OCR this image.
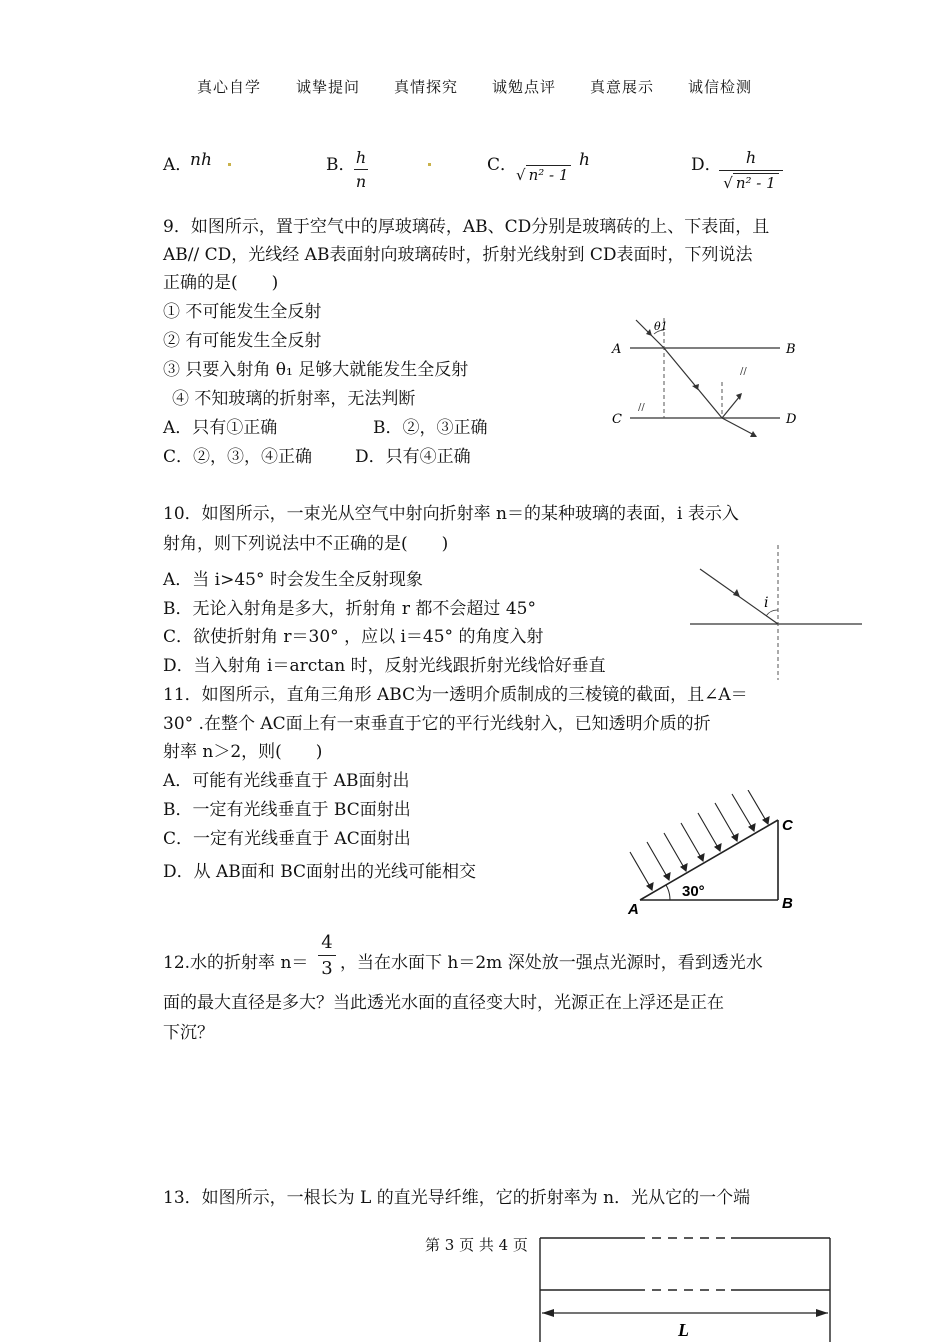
真心自学 诚挚提问 真情探究 诚勉点评 真意展示 诚信检测
A．
nh	B． h
n
C．
√ n² - 1
h	D．	h
√ n² - 1
9．如图所示，置于空气中的厚玻璃砖，AB、CD分别是玻璃砖的上、下表面，且
AB// CD，光线经 AB表面射向玻璃砖时，折射光线射到 CD表面时，下列说法
正确的是(　　)
① 不可能发生全反射
② 有可能发生全反射
③ 只要入射角 θ₁ 足够大就能发生全反射
④ 不知玻璃的折射率，无法判断
A．只有①正确	B．②，③正确
C．②，③，④正确	D．只有④正确
θ1
A	B
C	D
//
//
10．如图所示，一束光从空气中射向折射率 n＝的某种玻璃的表面，i 表示入
射角，则下列说法中不正确的是(　　)
A．当 i>45° 时会发生全反射现象
B．无论入射角是多大，折射角 r 都不会超过 45°
C．欲使折射角 r＝30° ，应以 i＝45° 的角度入射
D．当入射角 i＝arctan 时，反射光线跟折射光线恰好垂直
i
11．如图所示，直角三角形 ABC为一透明介质制成的三棱镜的截面，且∠A＝
30° .在整个 AC面上有一束垂直于它的平行光线射入，已知透明介质的折
射率 n＞2，则(　　)
A．可能有光线垂直于 AB面射出
B．一定有光线垂直于 BC面射出
C．一定有光线垂直于 AC面射出
D．从 AB面和 BC面射出的光线可能相交
30°
A	B
C
12.水的折射率 n＝
4
3 ，当在水面下 h＝2m 深处放一强点光源时，看到透光水
面的最大直径是多大？当此透光水面的直径变大时，光源正在上浮还是正在
下沉？
13．如图所示，一根长为 L 的直光导纤维，它的折射率为 n．光从它的一个端
第 3 页 共 4 页
L
